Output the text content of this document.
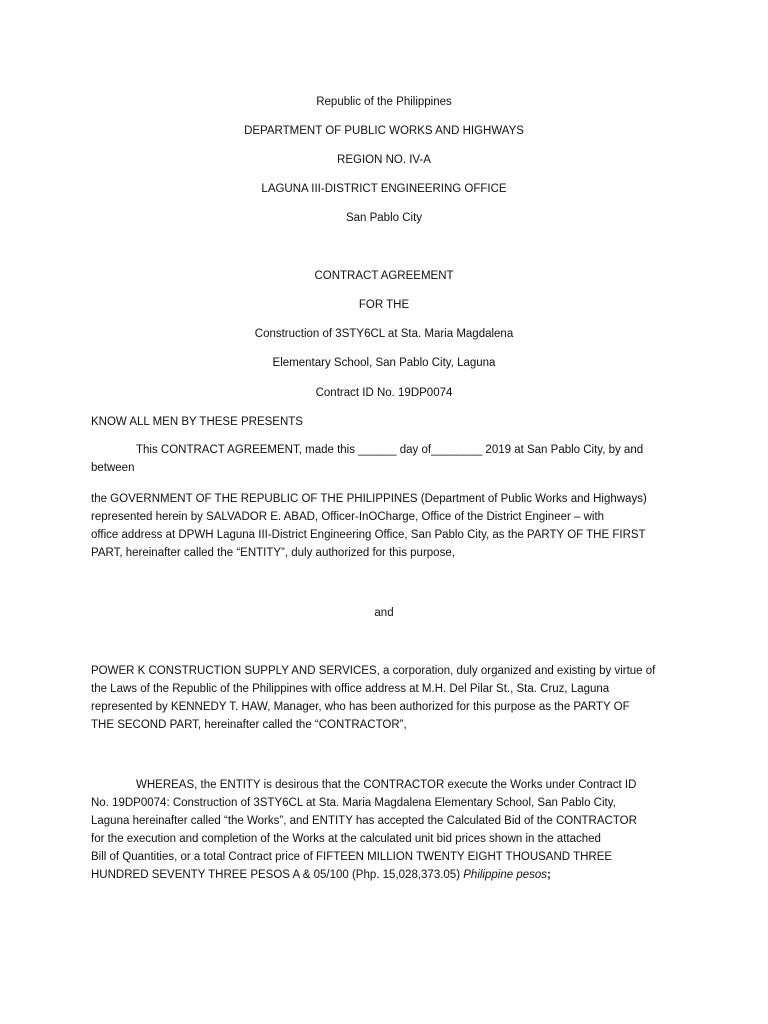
Republic of the Philippines
DEPARTMENT OF PUBLIC WORKS AND HIGHWAYS
REGION NO. IV-A
LAGUNA III-DISTRICT ENGINEERING OFFICE
San Pablo City
CONTRACT AGREEMENT
FOR THE
Construction of 3STY6CL at Sta. Maria Magdalena
Elementary School, San Pablo City, Laguna
Contract ID No. 19DP0074
KNOW ALL MEN BY THESE PRESENTS
This CONTRACT AGREEMENT, made this ______ day of________ 2019 at San Pablo City, by and
between
the GOVERNMENT OF THE REPUBLIC OF THE PHILIPPINES (Department of Public Works and Highways)
represented herein by SALVADOR E. ABAD, Officer-InOCharge, Office of the District Engineer – with
office address at DPWH Laguna III-District Engineering Office, San Pablo City, as the PARTY OF THE FIRST
PART, hereinafter called the “ENTITY”, duly authorized for this purpose,
and
POWER K CONSTRUCTION SUPPLY AND SERVICES, a corporation, duly organized and existing by virtue of
the Laws of the Republic of the Philippines with office address at M.H. Del Pilar St., Sta. Cruz, Laguna
represented by KENNEDY T. HAW, Manager, who has been authorized for this purpose as the PARTY OF
THE SECOND PART, hereinafter called the “CONTRACTOR”,
WHEREAS, the ENTITY is desirous that the CONTRACTOR execute the Works under Contract ID
No. 19DP0074: Construction of 3STY6CL at Sta. Maria Magdalena Elementary School, San Pablo City,
Laguna hereinafter called “the Works”, and ENTITY has accepted the Calculated Bid of the CONTRACTOR
for the execution and completion of the Works at the calculated unit bid prices shown in the attached
Bill of Quantities, or a total Contract price of FIFTEEN MILLION TWENTY EIGHT THOUSAND THREE
HUNDRED SEVENTY THREE PESOS A & 05/100 (Php. 15,028,373.05) Philippine pesos;
